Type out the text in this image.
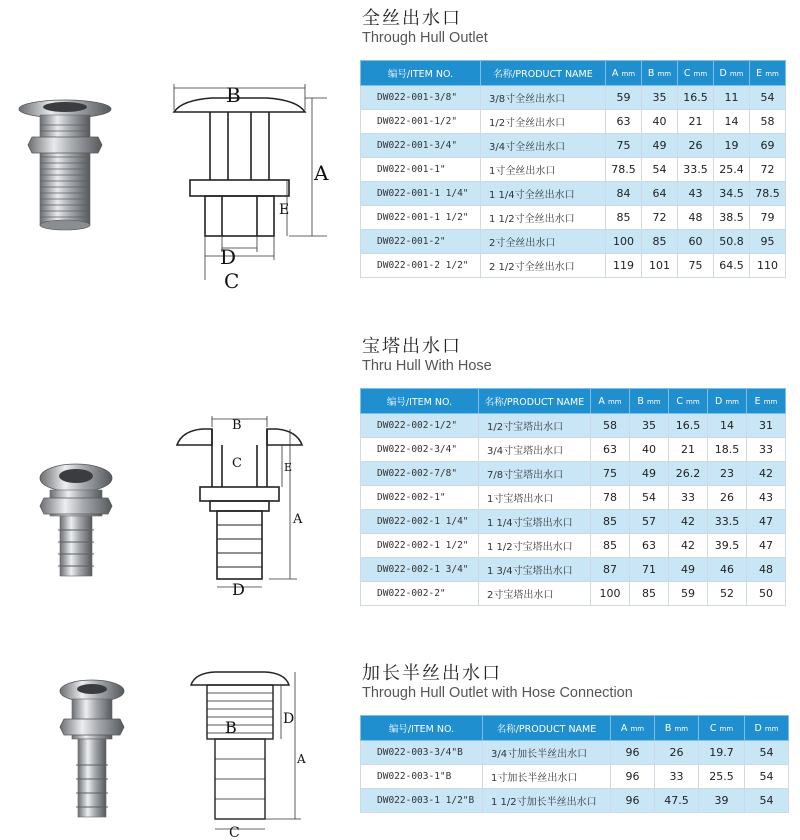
B
A
E
D
C
全丝出水口
Through Hull Outlet
编号/ITEM NO.	名称/PRODUCT NAME	A mm	B mm	C mm	D mm	E mm
DW022-001-3/8"	3/8寸全丝出水口	59	35	16.5	11	54
DW022-001-1/2"	1/2寸全丝出水口	63	40	21	14	58
DW022-001-3/4"	3/4寸全丝出水口	75	49	26	19	69
DW022-001-1"	1寸全丝出水口	78.5	54	33.5	25.4	72
DW022-001-1 1/4"	1 1/4寸全丝出水口	84	64	43	34.5	78.5
DW022-001-1 1/2"	1 1/2寸全丝出水口	85	72	48	38.5	79
DW022-001-2"	2寸全丝出水口	100	85	60	50.8	95
DW022-001-2 1/2"	2 1/2寸全丝出水口	119	101	75	64.5	110
B
C	E
A
D
宝塔出水口
Thru Hull With Hose
编号/ITEM NO.	名称/PRODUCT NAME	A mm	B mm	C mm	D mm	E mm
DW022-002-1/2"	1/2寸宝塔出水口	58	35	16.5	14	31
DW022-002-3/4"	3/4寸宝塔出水口	63	40	21	18.5	33
DW022-002-7/8"	7/8寸宝塔出水口	75	49	26.2	23	42
DW022-002-1"	1寸宝塔出水口	78	54	33	26	43
DW022-002-1 1/4"	1 1/4寸宝塔出水口	85	57	42	33.5	47
DW022-002-1 1/2"	1 1/2寸宝塔出水口	85	63	42	39.5	47
DW022-002-1 3/4"	1 3/4寸宝塔出水口	87	71	49	46	48
DW022-002-2"	2寸宝塔出水口	100	85	59	52	50
B	D
A
C
加长半丝出水口
Through Hull Outlet with Hose Connection
编号/ITEM NO.	名称/PRODUCT NAME	A mm	B mm	C mm	D mm
DW022-003-3/4"B	3/4寸加长半丝出水口	96	26	19.7	54
DW022-003-1"B	1寸加长半丝出水口	96	33	25.5	54
DW022-003-1 1/2"B	1 1/2寸加长半丝出水口	96	47.5	39	54
